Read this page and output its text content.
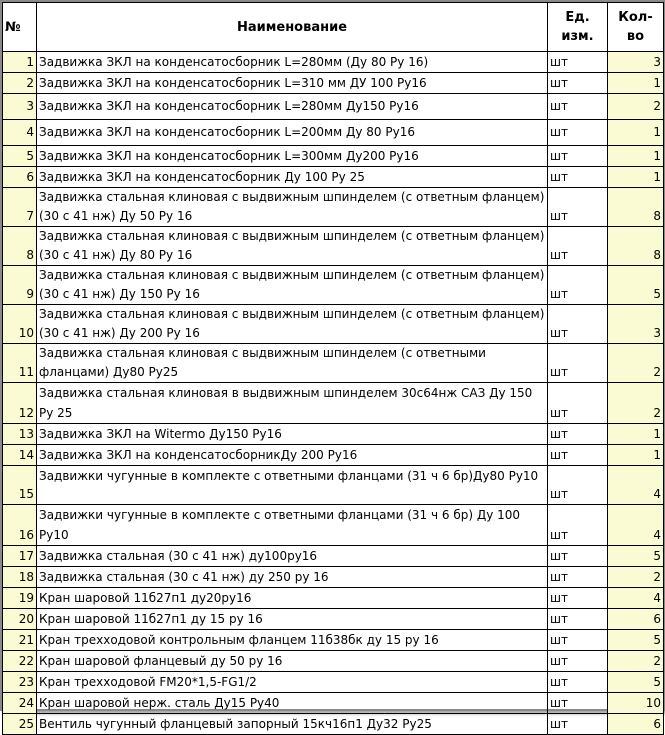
№	Наименование	Ед. изм.	Кол-во
1	Задвижка ЗКЛ на конденсатосборник L=280мм (Ду 80 Ру 16)	шт	3
2	Задвижка ЗКЛ на конденсатосборник L=310 мм ДУ 100 Ру16	шт	1
3	Задвижка ЗКЛ на конденсатосборник L=280мм Ду150 Ру16	шт	2
4	Задвижка ЗКЛ на конденсатосборник L=200мм Ду 80 Ру16	шт	1
5	Задвижка ЗКЛ на конденсатосборник L=300мм Ду200 Ру16	шт	1
6	Задвижка ЗКЛ на конденсатосборник Ду 100 Ру 25	шт	1
7	Задвижка стальная клиновая с выдвижным шпинделем (с ответным фланцем) (30 с 41 нж) Ду 50 Ру 16	шт	8
8	Задвижка стальная клиновая с выдвижным шпинделем (с ответным фланцем) (30 с 41 нж) Ду 80 Ру 16	шт	8
9	Задвижка стальная клиновая с выдвижным шпинделем (с ответным фланцем) (30 с 41 нж) Ду 150 Ру 16	шт	5
10	Задвижка стальная клиновая с выдвижным шпинделем (с ответным фланцем) (30 с 41 нж) Ду 200 Ру 16	шт	3
11	Задвижка стальная клиновая с выдвижным шпинделем (с ответными фланцами) Ду80 Ру25	шт	2
12	Задвижка стальная клиновая в выдвижным шпинделем 30с64нж САЗ Ду 150 Ру 25	шт	2
13	Задвижка ЗКЛ на Witermo Ду150 Ру16	шт	1
14	Задвижка ЗКЛ на конденсатосборникДу 200 Ру16	шт	1
15	Задвижки чугунные в комплекте с ответными фланцами (31 ч 6 бр)Ду80 Ру10	шт	4
16	Задвижки чугунные в комплекте с ответными фланцами (31 ч 6 бр) Ду 100 Ру10	шт	4
17	Задвижка стальная (30 с 41 нж) ду100ру16	шт	5
18	Задвижка стальная (30 с 41 нж) ду 250 ру 16	шт	2
19	Кран шаровой 11б27п1 ду20ру16	шт	4
20	Кран шаровой 11б27п1 ду 15 ру 16	шт	6
21	Кран трехходовой контрольным фланцем 11б38бк ду 15 ру 16	шт	5
22	Кран шаровой фланцевый ду 50 ру 16	шт	2
23	Кран трехходовой FM20*1,5-FG1/2	шт	5
24	Кран шаровой нерж. сталь Ду15 Ру40	шт	10
25	Вентиль чугунный фланцевый запорный 15кч16п1 Ду32 Ру25	шт	6
